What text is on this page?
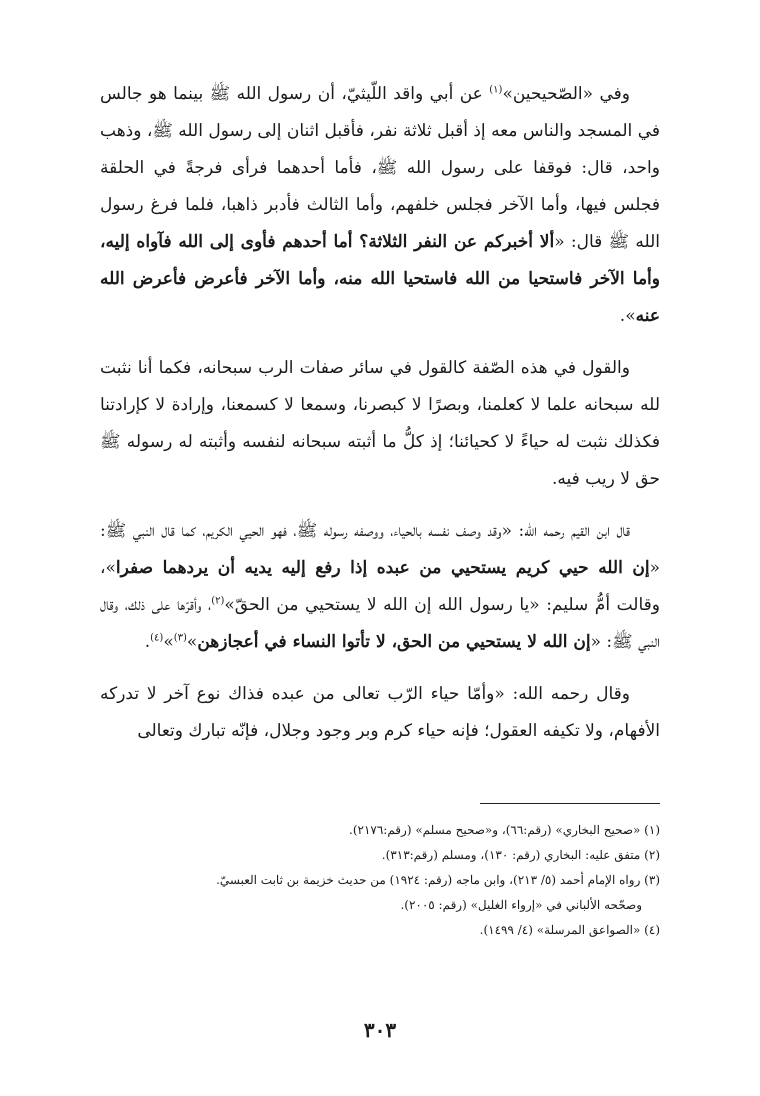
وفي «الصّحيحين»$^{(١)}$ عن أبي واقد اللّيثيّ، أن رسول الله ﷺ بينما هو جالس في المسجد والناس معه إذ أقبل ثلاثة نفر، فأقبل اثنان إلى رسول الله ﷺ، وذهب واحد، قال: فوقفا على رسول الله ﷺ، فأما أحدهما فرأى فرجةً في الحلقة فجلس فيها، وأما الآخر فجلس خلفهم، وأما الثالث فأدبر ذاهبا، فلما فرغ رسول الله ﷺ قال: «ألا أخبركم عن النفر الثلاثة؟ أما أحدهم فأوى إلى الله فآواه إليه، وأما الآخر فاستحيا من الله فاستحيا الله منه، وأما الآخر فأعرض فأعرض الله عنه».

والقول في هذه الصّفة كالقول في سائر صفات الرب سبحانه، فكما أنا نثبت لله سبحانه علما لا كعلمنا، وبصرًا لا كبصرنا، وسمعا لا كسمعنا، وإرادة لا كإرادتنا فكذلك نثبت له حياءً لا كحيائنا؛ إذ كلُّ ما أثبته سبحانه لنفسه وأثبته له رسوله ﷺ حق لا ريب فيه.

قال ابن القيم رحمه الله: «وقد وصف نفسه بالحياء، ووصفه رسوله ﷺ، فهو الحيي الكريم، كما قال النبي ﷺ: «إن الله حيي كريم يستحيي من عبده إذا رفع إليه يديه أن يردهما صفرا»، وقالت أمُّ سليم: «يا رسول الله إن الله لا يستحيي من الحقّ»$^{(٢)}$، وأقرّها على ذلك، وقال النبي ﷺ: «إن الله لا يستحيي من الحق، لا تأتوا النساء في أعجازهن»$^{(٣)}$»$^{(٤)}$.

وقال رحمه الله: «وأمّا حياء الرّب تعالى من عبده فذاك نوع آخر لا تدركه الأفهام، ولا تكيفه العقول؛ فإنه حياء كرم وبر وجود وجلال، فإنّه تبارك وتعالى

(١) «صحيح البخاري» (رقم:٦٦)، و«صحيح مسلم» (رقم:٢١٧٦).

(٢) متفق عليه: البخاري (رقم: ١٣٠)، ومسلم (رقم:٣١٣).

(٣) رواه الإمام أحمد (٥/ ٢١٣)، وابن ماجه (رقم: ١٩٢٤) من حديث خزيمة بن ثابت العبسيّ.

وصحّحه الألباني في «إرواء الغليل» (رقم: ٢٠٠٥).

(٤) «الصواعق المرسلة» (٤/ ١٤٩٩).

٣٠٣
